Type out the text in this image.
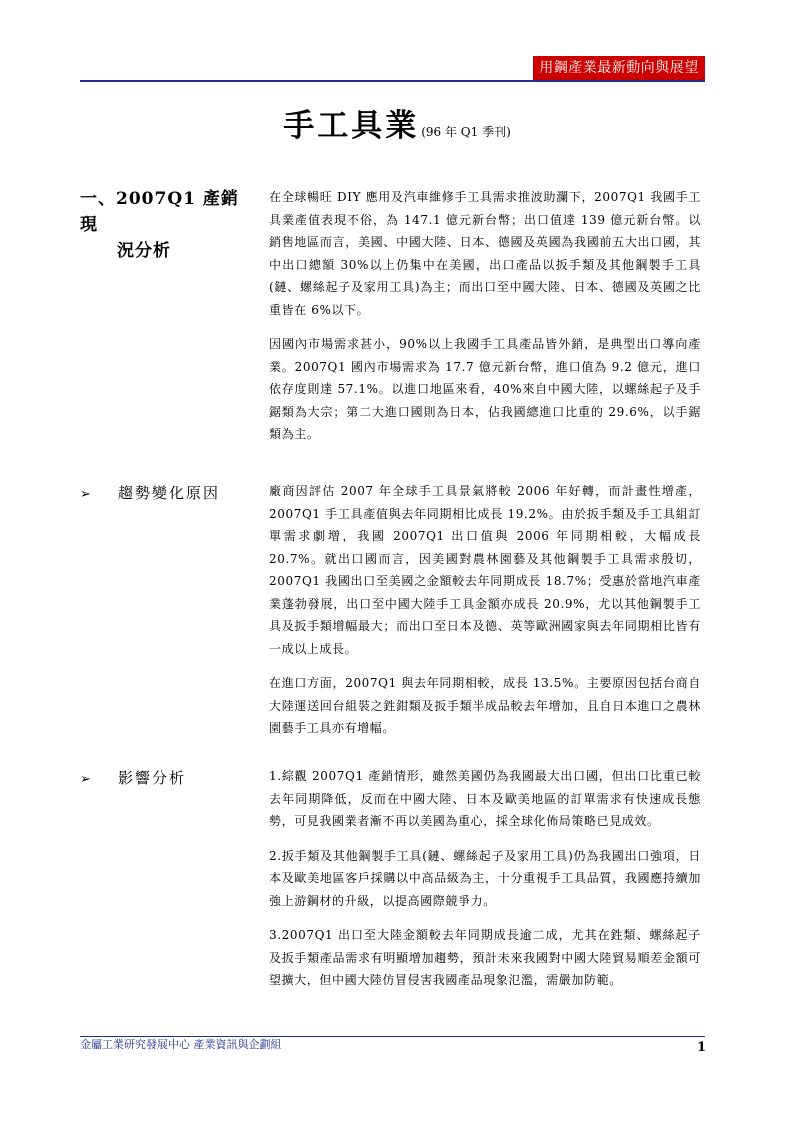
用鋼產業最新動向與展望
手工具業 (96 年 Q1 季刊)
一、2007Q1 產銷現
況分析

在全球暢旺 DIY 應用及汽車維修手工具需求推波助瀾下，2007Q1 我國手工具業產值表現不俗，為 147.1 億元新台幣；出口值達 139 億元新台幣。以銷售地區而言，美國、中國大陸、日本、德國及英國為我國前五大出口國，其中出口總額 30%以上仍集中在美國，出口產品以扳手類及其他鋼製手工具(鏈、螺絲起子及家用工具)為主；而出口至中國大陸、日本、德國及英國之比重皆在 6%以下。

因國內市場需求甚小，90%以上我國手工具產品皆外銷，是典型出口導向產業。2007Q1 國內市場需求為 17.7 億元新台幣，進口值為 9.2 億元，進口依存度則達 57.1%。以進口地區來看，40%來自中國大陸，以螺絲起子及手鋸類為大宗；第二大進口國則為日本，佔我國總進口比重的 29.6%，以手鋸類為主。

➢ 趨勢變化原因	廠商因評估 2007 年全球手工具景氣將較 2006 年好轉，而計畫性增產，2007Q1 手工具產值與去年同期相比成長 19.2%。由於扳手類及手工具組訂單需求劇增，我國 2007Q1 出口值與 2006 年同期相較，大幅成長 20.7%。就出口國而言，因美國對農林園藝及其他鋼製手工具需求殷切，2007Q1 我國出口至美國之金額較去年同期成長 18.7%；受惠於當地汽車產業蓬勃發展，出口至中國大陸手工具金額亦成長 20.9%，尤以其他鋼製手工具及扳手類增幅最大；而出口至日本及德、英等歐洲國家與去年同期相比皆有一成以上成長。

在進口方面，2007Q1 與去年同期相較，成長 13.5%。主要原因包括台商自大陸運送回台組裝之鉎鉗類及扳手類半成品較去年增加，且自日本進口之農林園藝手工具亦有增幅。

➢ 影響分析	1.綜觀 2007Q1 產銷情形，雖然美國仍為我國最大出口國，但出口比重已較去年同期降低，反而在中國大陸、日本及歐美地區的訂單需求有快速成長態勢，可見我國業者漸不再以美國為重心，採全球化佈局策略已見成效。

2.扳手類及其他鋼製手工具(鏈、螺絲起子及家用工具)仍為我國出口強項，日本及歐美地區客戶採購以中高品級為主，十分重視手工具品質，我國應持續加強上游鋼材的升級，以提高國際競爭力。

3.2007Q1 出口至大陸金額較去年同期成長逾二成，尤其在鉎類、螺絲起子及扳手類產品需求有明顯增加趨勢，預計未來我國對中國大陸貿易順差金額可望擴大，但中國大陸仿冒侵害我國產品現象氾濫，需嚴加防範。

金屬工業研究發展中心 產業資訊與企劃組	1
